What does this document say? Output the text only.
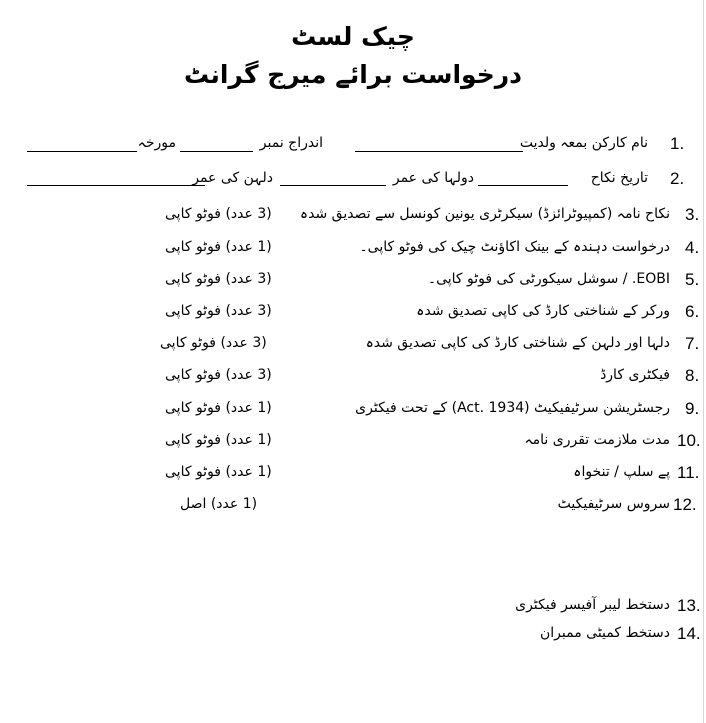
چیک لسٹ
درخواست برائے میرج گرانٹ
1.
نام کارکن بمعہ ولدیت
اندراج نمبر
مورخہ
2.
تاریخ نکاح
دولہا کی عمر
دلہن کی عمر
3.
نکاح نامہ (کمپیوٹرائزڈ) سیکرٹری یونین کونسل سے تصدیق شدہ
(3 عدد) فوٹو کاپی
4.
درخواست دہندہ کے بینک اکاؤنٹ چیک کی فوٹو کاپی۔
(1 عدد) فوٹو کاپی
5.
EOBI. / سوشل سیکورٹی کی فوٹو کاپی۔
(3 عدد) فوٹو کاپی
6.
ورکر کے شناختی کارڈ کی کاپی تصدیق شدہ
(3 عدد) فوٹو کاپی
7.
دلہا اور دلہن کے شناختی کارڈ کی کاپی تصدیق شدہ
(3 عدد) فوٹو کاپی
8.
فیکٹری کارڈ
(3 عدد) فوٹو کاپی
9.
رجسٹریشن سرٹیفیکیٹ (Act. 1934) کے تحت فیکٹری
(1 عدد) فوٹو کاپی
10.
مدت ملازمت تقرری نامہ
(1 عدد) فوٹو کاپی
11.
پے سلپ / تنخواہ
(1 عدد) فوٹو کاپی
12.
سروس سرٹیفیکیٹ
(1 عدد) اصل
13.
دستخط لیبر آفیسر فیکٹری
14.
دستخط کمیٹی ممبران
